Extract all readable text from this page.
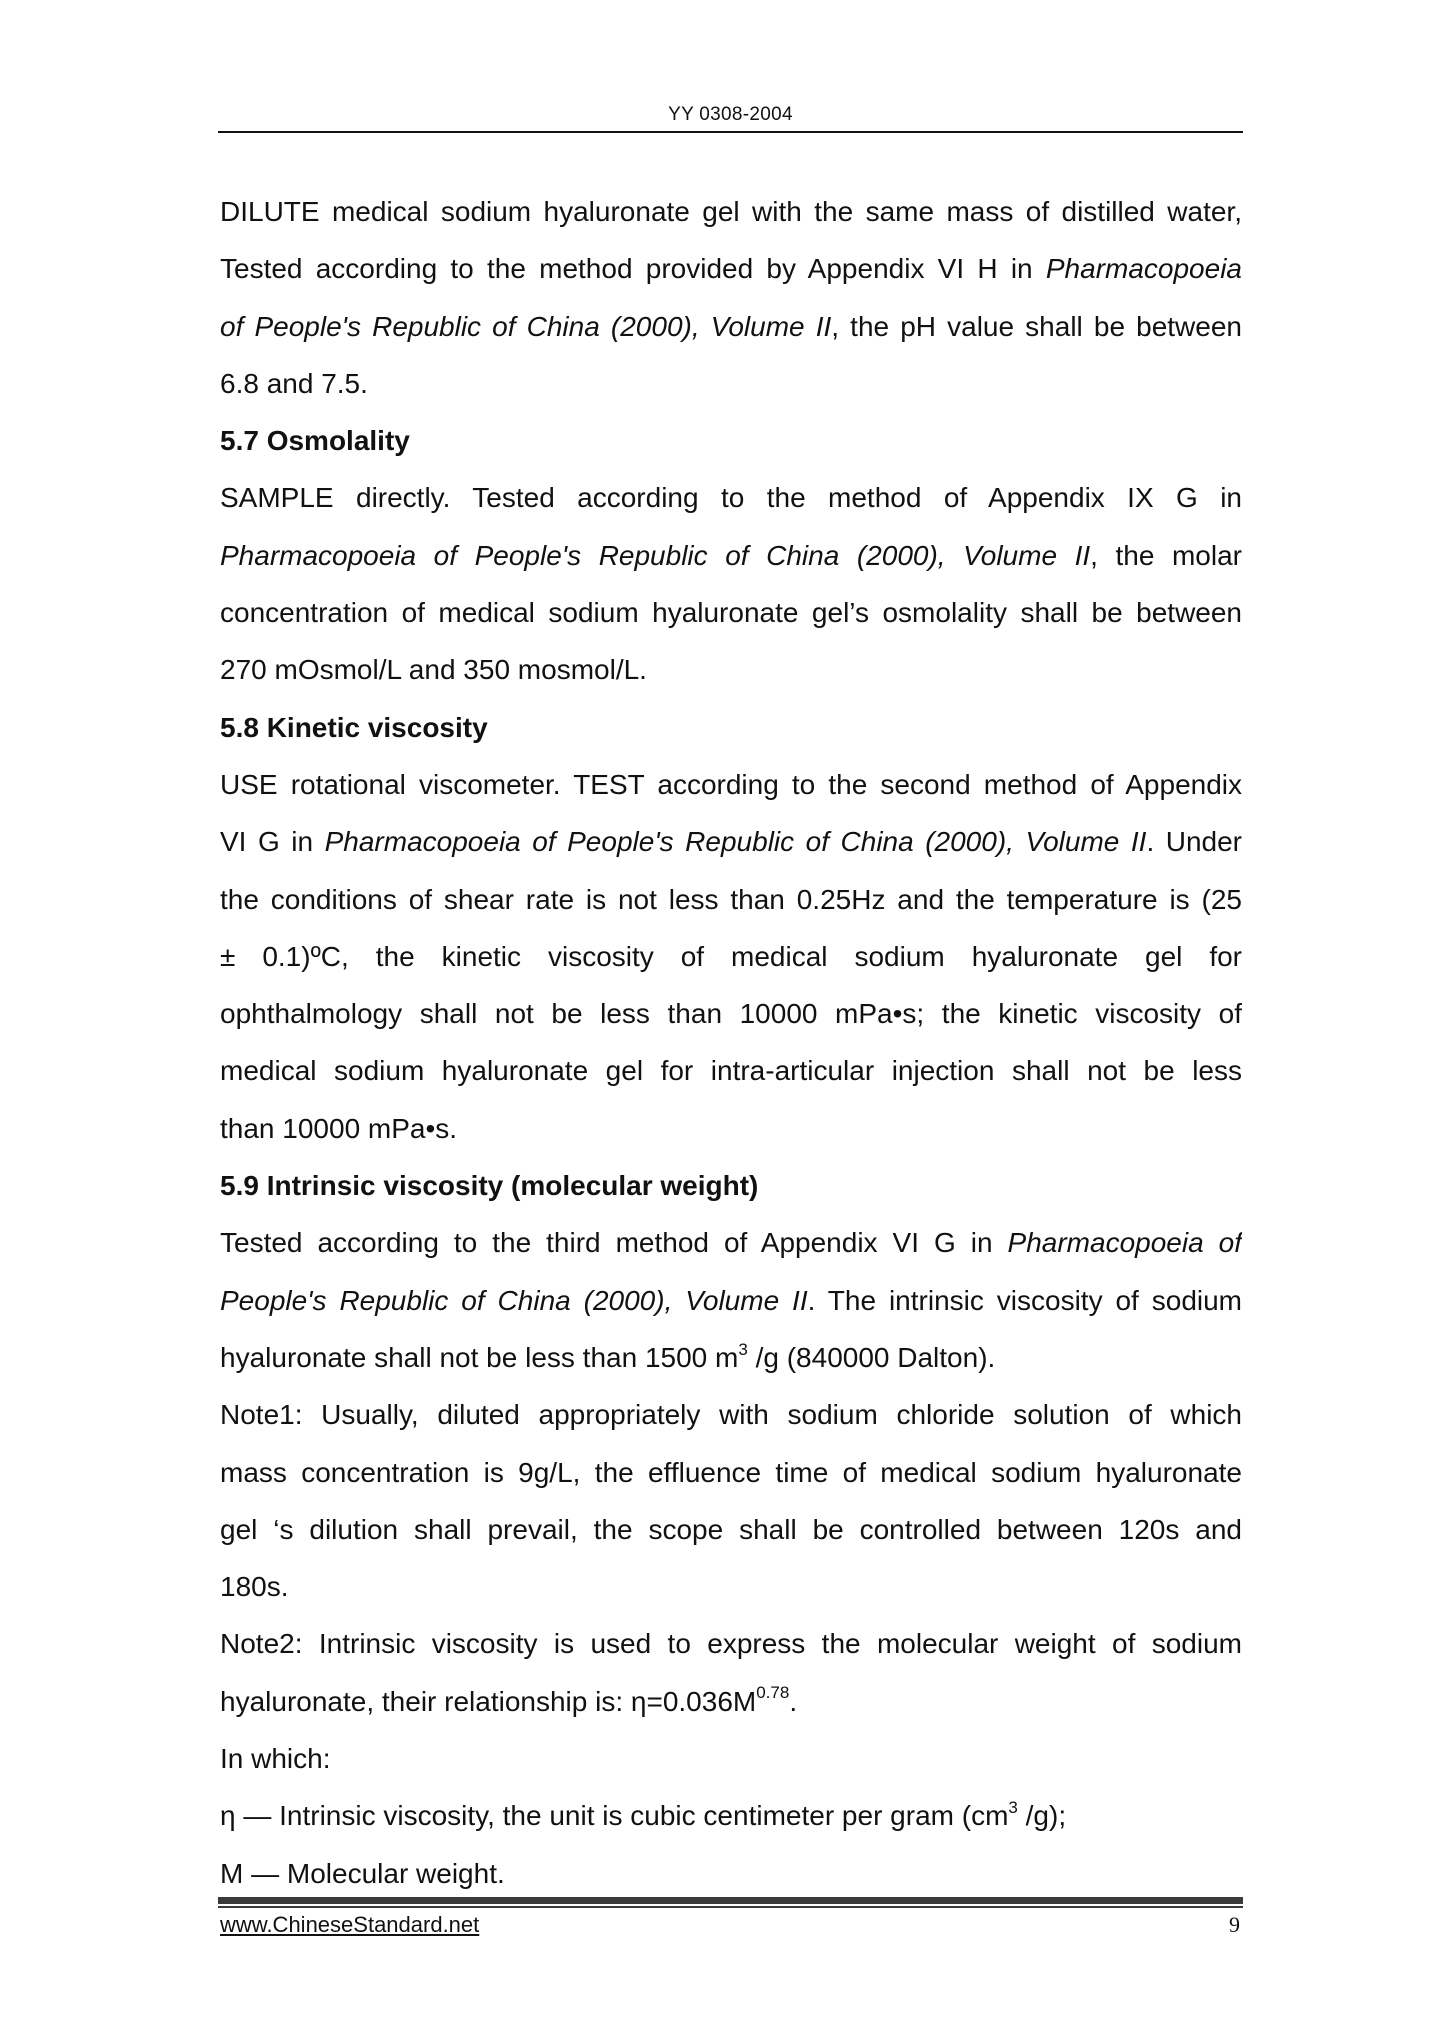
YY 0308-2004
DILUTE medical sodium hyaluronate gel with the same mass of distilled water,
Tested according to the method provided by Appendix VI H in Pharmacopoeia
of People's Republic of China (2000), Volume II, the pH value shall be between
6.8 and 7.5.
5.7 Osmolality
SAMPLE directly. Tested according to the method of Appendix IX G in
Pharmacopoeia of People's Republic of China (2000), Volume II, the molar
concentration of medical sodium hyaluronate gel’s osmolality shall be between
270 mOsmol/L and 350 mosmol/L.
5.8 Kinetic viscosity
USE rotational viscometer. TEST according to the second method of Appendix
VI G in Pharmacopoeia of People's Republic of China (2000), Volume II. Under
the conditions of shear rate is not less than 0.25Hz and the temperature is (25
± 0.1)ºC, the kinetic viscosity of medical sodium hyaluronate gel for
ophthalmology shall not be less than 10000 mPa•s; the kinetic viscosity of
medical sodium hyaluronate gel for intra-articular injection shall not be less
than 10000 mPa•s.
5.9 Intrinsic viscosity (molecular weight)
Tested according to the third method of Appendix VI G in Pharmacopoeia of
People's Republic of China (2000), Volume II. The intrinsic viscosity of sodium
hyaluronate shall not be less than 1500 $m^3$ /g (840000 Dalton).
Note1: Usually, diluted appropriately with sodium chloride solution of which
mass concentration is 9g/L, the effluence time of medical sodium hyaluronate
gel ‘s dilution shall prevail, the scope shall be controlled between 120s and
180s.
Note2: Intrinsic viscosity is used to express the molecular weight of sodium
hyaluronate, their relationship is: $\eta=0.036M^{0.78}$.
In which:
η — Intrinsic viscosity, the unit is cubic centimeter per gram ($cm^3$ /g);
M — Molecular weight.
www.ChineseStandard.net	9
